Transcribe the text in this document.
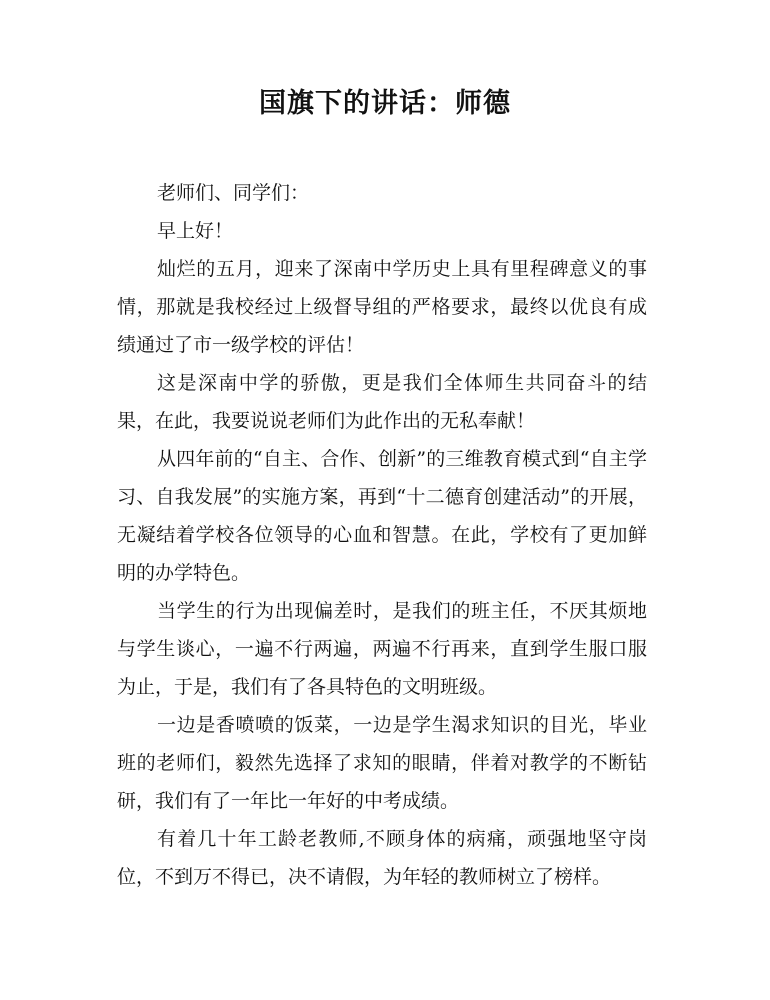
国旗下的讲话：师德

老师们、同学们：

早上好！

灿烂的五月，迎来了深南中学历史上具有里程碑意义的事情，那就是我校经过上级督导组的严格要求，最终以优良有成绩通过了市一级学校的评估！

这是深南中学的骄傲，更是我们全体师生共同奋斗的结果，在此，我要说说老师们为此作出的无私奉献！

从四年前的“自主、合作、创新”的三维教育模式到“自主学习、自我发展”的实施方案，再到“十二德育创建活动”的开展，无凝结着学校各位领导的心血和智慧。在此，学校有了更加鲜明的办学特色。

当学生的行为出现偏差时，是我们的班主任，不厌其烦地与学生谈心，一遍不行两遍，两遍不行再来，直到学生服口服为止，于是，我们有了各具特色的文明班级。

一边是香喷喷的饭菜，一边是学生渴求知识的目光，毕业班的老师们，毅然先选择了求知的眼睛，伴着对教学的不断钻研，我们有了一年比一年好的中考成绩。

有着几十年工龄老教师,不顾身体的病痛，顽强地坚守岗位，不到万不得已，决不请假，为年轻的教师树立了榜样。
